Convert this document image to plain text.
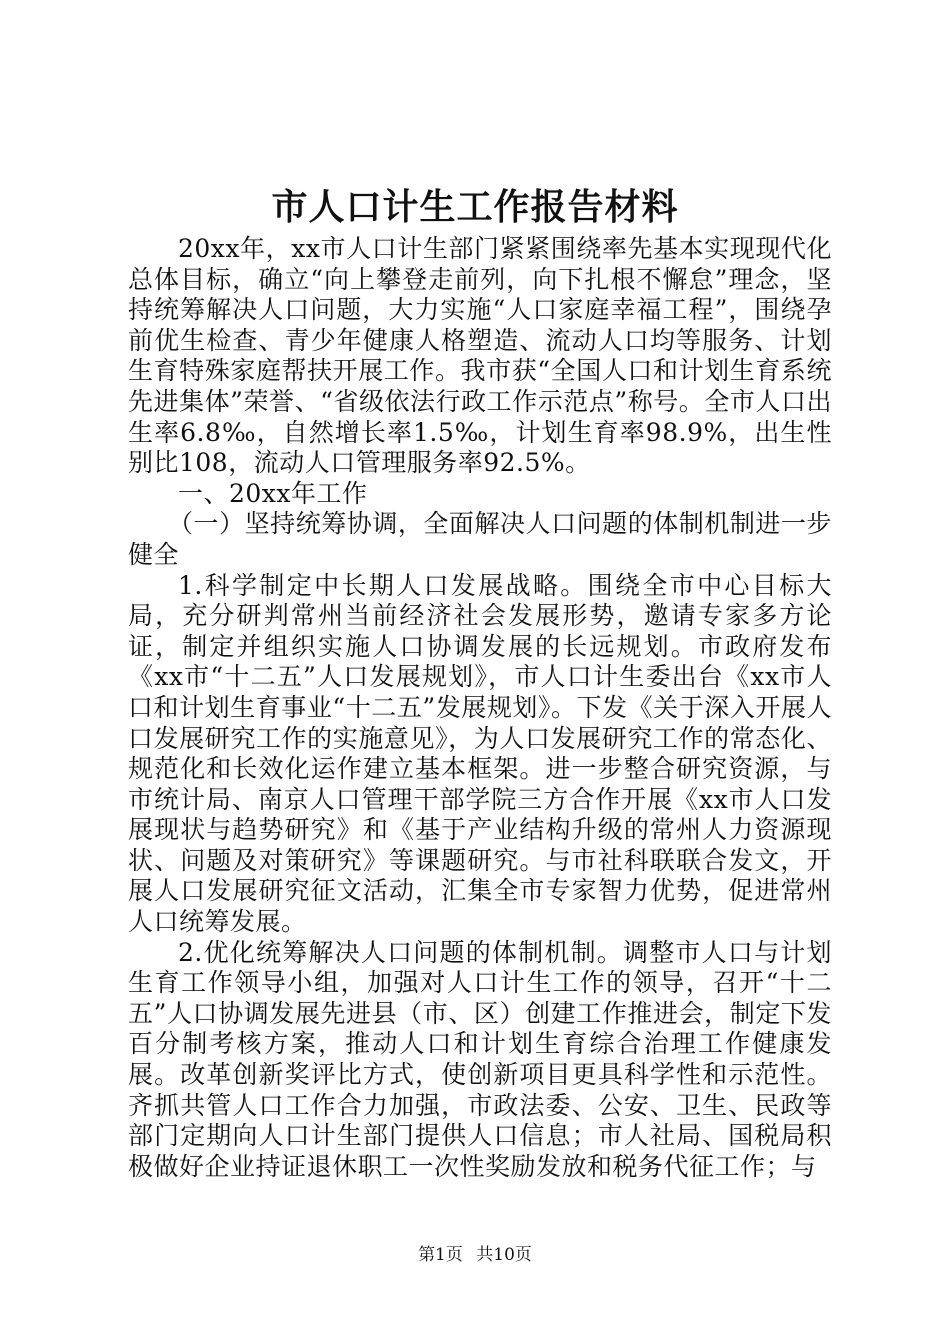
市人口计生工作报告材料

20xx年，xx市人口计生部门紧紧围绕率先基本实现现代化总体目标，确立“向上攀登走前列，向下扎根不懈怠”理念，坚持统筹解决人口问题，大力实施“人口家庭幸福工程”，围绕孕前优生检查、青少年健康人格塑造、流动人口均等服务、计划生育特殊家庭帮扶开展工作。我市获“全国人口和计划生育系统先进集体”荣誉、“省级依法行政工作示范点”称号。全市人口出生率6.8‰，自然增长率1.5‰，计划生育率98.9%，出生性别比108，流动人口管理服务率92.5%。

一、20xx年工作

（一）坚持统筹协调，全面解决人口问题的体制机制进一步健全

1.科学制定中长期人口发展战略。围绕全市中心目标大局，充分研判常州当前经济社会发展形势，邀请专家多方论证，制定并组织实施人口协调发展的长远规划。市政府发布《xx市“十二五”人口发展规划》，市人口计生委出台《xx市人口和计划生育事业“十二五”发展规划》。下发《关于深入开展人口发展研究工作的实施意见》，为人口发展研究工作的常态化、规范化和长效化运作建立基本框架。进一步整合研究资源，与市统计局、南京人口管理干部学院三方合作开展《xx市人口发展现状与趋势研究》和《基于产业结构升级的常州人力资源现状、问题及对策研究》等课题研究。与市社科联联合发文，开展人口发展研究征文活动，汇集全市专家智力优势，促进常州人口统筹发展。

2.优化统筹解决人口问题的体制机制。调整市人口与计划生育工作领导小组，加强对人口计生工作的领导，召开“十二五”人口协调发展先进县（市、区）创建工作推进会，制定下发百分制考核方案，推动人口和计划生育综合治理工作健康发展。改革创新奖评比方式，使创新项目更具科学性和示范性。齐抓共管人口工作合力加强，市政法委、公安、卫生、民政等部门定期向人口计生部门提供人口信息；市人社局、国税局积极做好企业持证退休职工一次性奖励发放和税务代征工作；与

第1页 共10页
